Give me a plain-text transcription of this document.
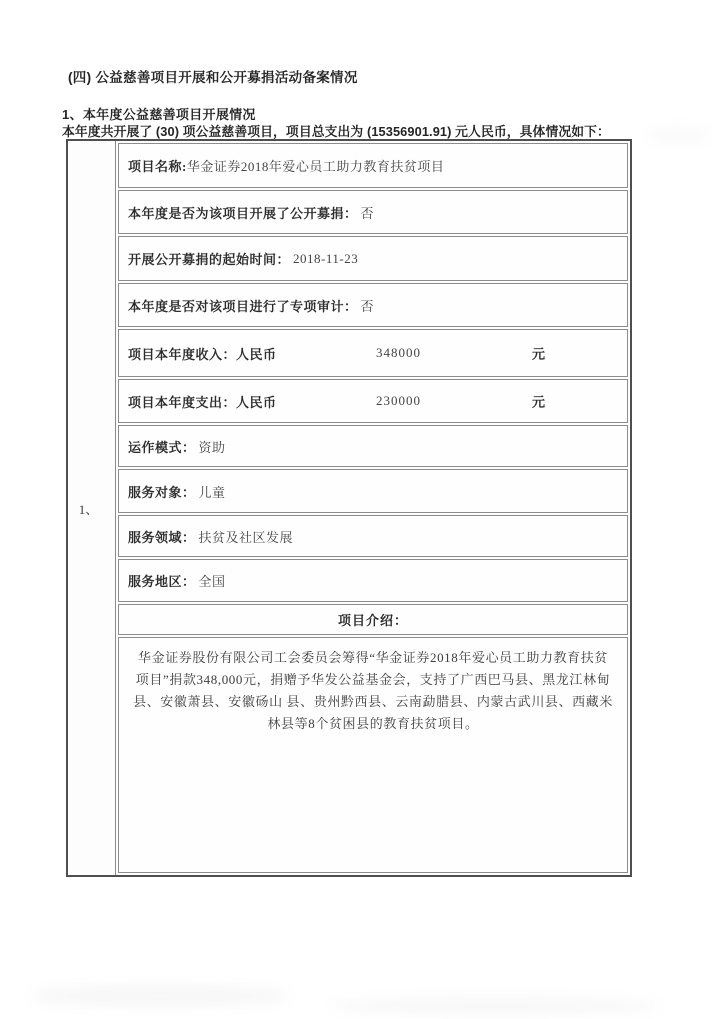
(四) 公益慈善项目开展和公开募捐活动备案情况
1、本年度公益慈善项目开展情况
本年度共开展了 (30) 项公益慈善项目，项目总支出为 (15356901.91) 元人民币，具体情况如下：
1、
项目名称: 华金证券2018年爱心员工助力教育扶贫项目
本年度是否为该项目开展了公开募捐： 否
开展公开募捐的起始时间： 2018-11-23
本年度是否对该项目进行了专项审计： 否
项目本年度收入：人民币	348000	元
项目本年度支出：人民币	230000	元
运作模式： 资助
服务对象： 儿童
服务领域： 扶贫及社区发展
服务地区： 全国
项目介绍：
华金证券股份有限公司工会委员会筹得“华金证券2018年爱心员工助力教育扶贫项目”捐款348,000元，捐赠予华发公益基金会，支持了广西巴马县、黑龙江林甸县、安徽萧县、安徽砀山 县、贵州黔西县、云南勐腊县、内蒙古武川县、西藏米林县等8个贫困县的教育扶贫项目。
